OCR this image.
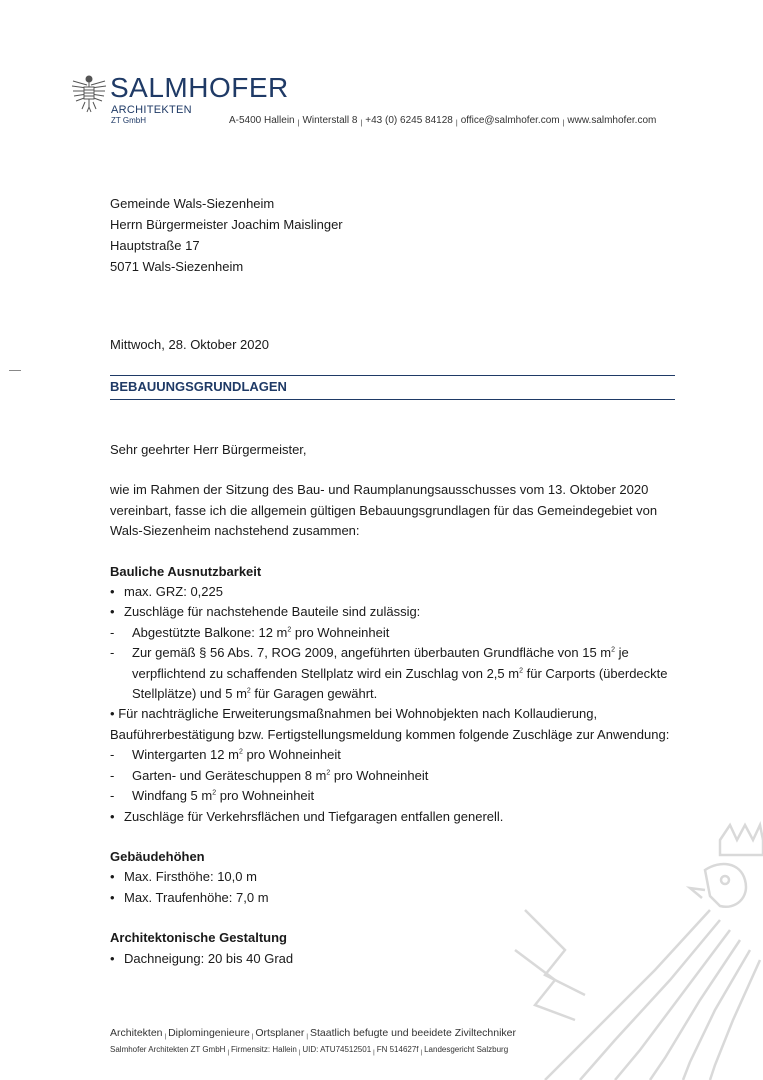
SALMHOFER
ARCHITEKTEN
ZT GmbH	A-5400 Hallein $_|$ Winterstall 8 $_|$ +43 (0) 6245 84128 $_|$ office@salmhofer.com $_|$ www.salmhofer.com
Gemeinde Wals-Siezenheim
Herrn Bürgermeister Joachim Maislinger
Hauptstraße 17
5071 Wals-Siezenheim
Mittwoch, 28. Oktober 2020
BEBAUUNGSGRUNDLAGEN

Sehr geehrter Herr Bürgermeister,

wie im Rahmen der Sitzung des Bau- und Raumplanungsausschusses vom 13. Oktober 2020 vereinbart, fasse ich die allgemein gültigen Bebauungsgrundlagen für das Gemeindegebiet von Wals-Siezenheim nachstehend zusammen:

Bauliche Ausnutzbarkeit

• max. GRZ: 0,225

• Zuschläge für nachstehende Bauteile sind zulässig:

- Abgestützte Balkone: 12 $m^2$ pro Wohneinheit

- Zur gemäß § 56 Abs. 7, ROG 2009, angeführten überbauten Grundfläche von 15 $m^2$ je verpflichtend zu schaffenden Stellplatz wird ein Zuschlag von 2,5 $m^2$ für Carports (überdeckte Stellplätze) und 5 $m^2$ für Garagen gewährt.

• Für nachträgliche Erweiterungsmaßnahmen bei Wohnobjekten nach Kollaudierung, Bauführerbestätigung bzw. Fertigstellungsmeldung kommen folgende Zuschläge zur Anwendung:

- Wintergarten 12 $m^2$ pro Wohneinheit

- Garten- und Geräteschuppen 8 $m^2$ pro Wohneinheit

- Windfang 5 $m^2$ pro Wohneinheit

• Zuschläge für Verkehrsflächen und Tiefgaragen entfallen generell.

Gebäudehöhen

• Max. Firsthöhe: 10,0 m

• Max. Traufenhöhe: 7,0 m

Architektonische Gestaltung

• Dachneigung: 20 bis 40 Grad

Architekten | Diplomingenieure | Ortsplaner | Staatlich befugte und beeidete Ziviltechniker
Salmhofer Architekten ZT GmbH $_|$ Firmensitz: Hallein $_|$ UID: ATU74512501 $_|$ FN 514627f $_|$ Landesgericht Salzburg
